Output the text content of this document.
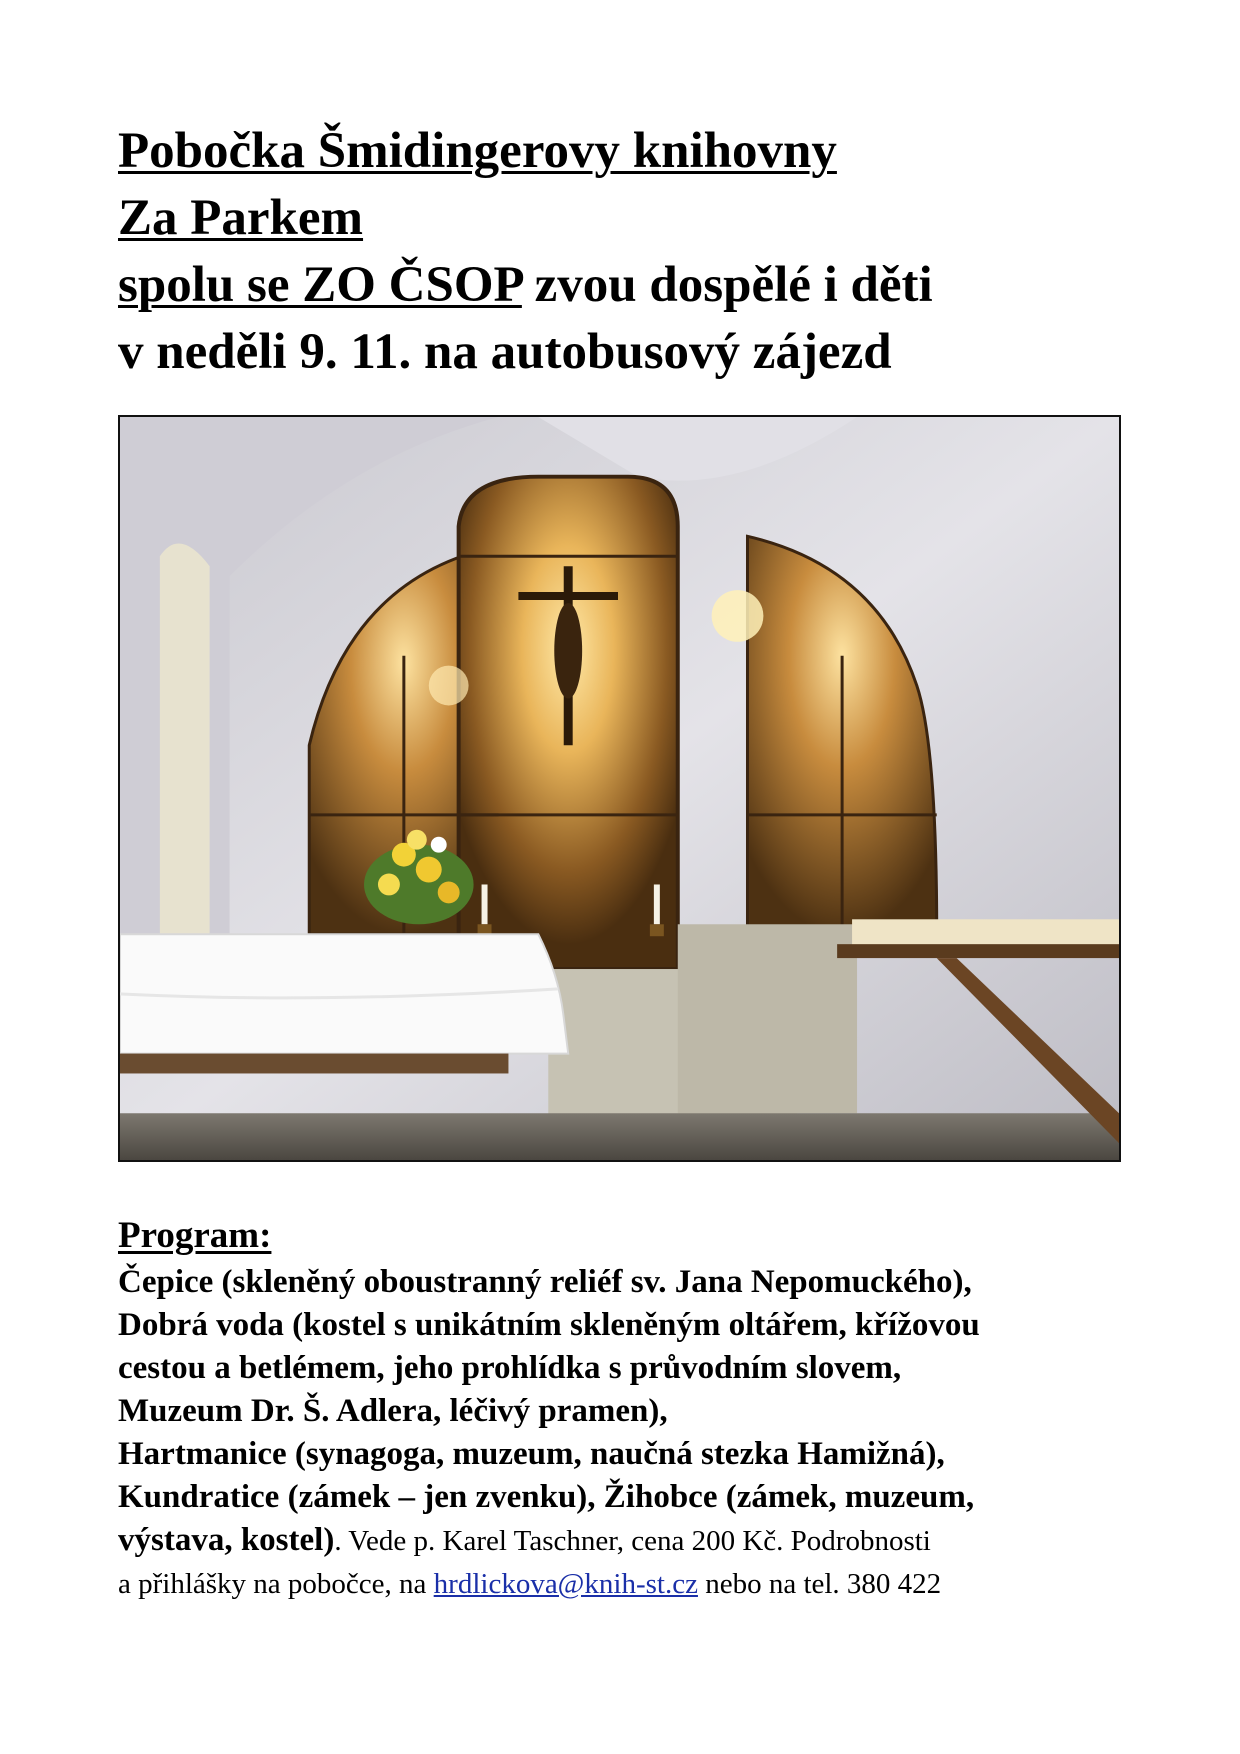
Pobočka Šmidingerovy knihovny
Za Parkem
spolu se ZO ČSOP zvou dospělé i děti
v neděli 9. 11. na autobusový zájezd
Program:
Čepice (skleněný oboustranný reliéf sv. Jana Nepomuckého),
Dobrá voda (kostel s unikátním skleněným oltářem, křížovou
cestou a betlémem, jeho prohlídka s průvodním slovem,
Muzeum Dr. Š. Adlera, léčivý pramen),
Hartmanice (synagoga, muzeum, naučná stezka Hamižná),
Kundratice (zámek – jen zvenku), Žihobce (zámek, muzeum,
výstava, kostel). Vede p. Karel Taschner, cena 200 Kč. Podrobnosti
a přihlášky na pobočce, na hrdlickova@knih-st.cz nebo na tel. 380 422
